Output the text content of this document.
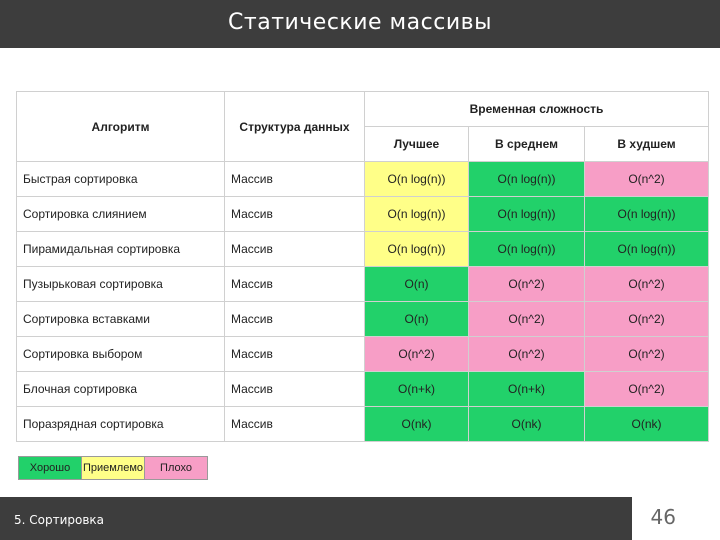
Статические массивы
Алгоритм	Структура данных	Временная сложность		
		Лучшее	В среднем	В худшем
Быстрая сортировка	Массив	O(n log(n))	O(n log(n))	O(n^2)
Сортировка слиянием	Массив	O(n log(n))	O(n log(n))	O(n log(n))
Пирамидальная сортировка	Массив	O(n log(n))	O(n log(n))	O(n log(n))
Пузырьковая сортировка	Массив	O(n)	O(n^2)	O(n^2)
Сортировка вставками	Массив	O(n)	O(n^2)	O(n^2)
Сортировка выбором	Массив	O(n^2)	O(n^2)	O(n^2)
Блочная сортировка	Массив	O(n+k)	O(n+k)	O(n^2)
Поразрядная сортировка	Массив	O(nk)	O(nk)	O(nk)
Хорошо	Приемлемо	Плохо
5. Сортировка	46
